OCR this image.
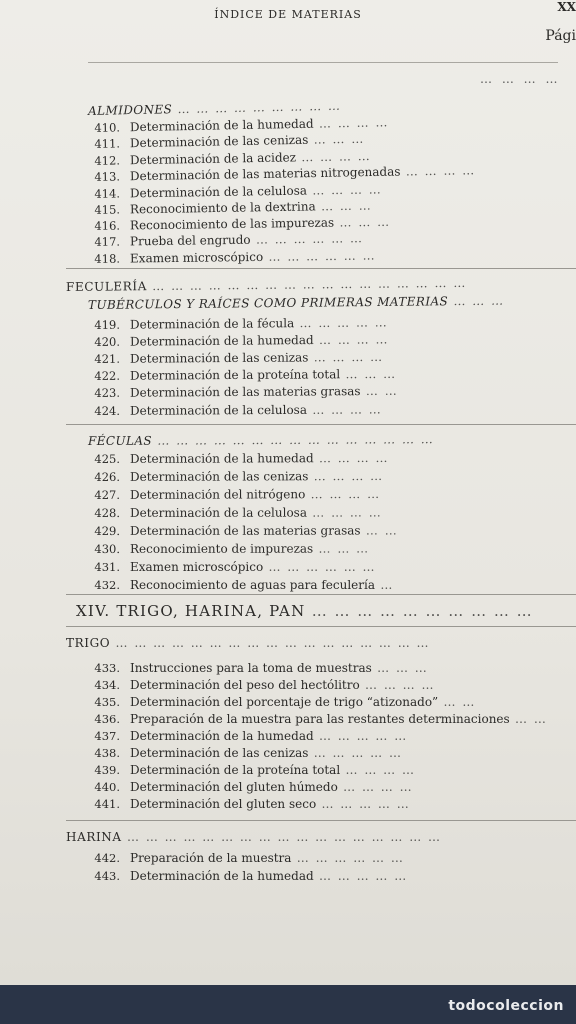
ÍNDICE DE MATERIAS
XX
Pági
… … … …
ALMIDONES … … … … … … … … …
410. Determinación de la humedad … … … …
411. Determinación de las cenizas … … …
412. Determinación de la acidez … … … …
413. Determinación de las materias nitrogenadas … … … …
414. Determinación de la celulosa … … … …
415. Reconocimiento de la dextrina … … …
416. Reconocimiento de las impurezas … … …
417. Prueba del engrudo … … … … … …
418. Examen microscópico … … … … … …
FECULERÍA … … … … … … … … … … … … … … … … …
TUBÉRCULOS Y RAÍCES COMO PRIMERAS MATERIAS … … …
419. Determinación de la fécula … … … … …
420. Determinación de la humedad … … … …
421. Determinación de las cenizas … … … …
422. Determinación de la proteína total … … …
423. Determinación de las materias grasas … …
424. Determinación de la celulosa … … … …
FÉCULAS … … … … … … … … … … … … … … …
425. Determinación de la humedad … … … …
426. Determinación de las cenizas … … … …
427. Determinación del nitrógeno … … … …
428. Determinación de la celulosa … … … …
429. Determinación de las materias grasas … …
430. Reconocimiento de impurezas … … …
431. Examen microscópico … … … … … …
432. Reconocimiento de aguas para feculería …
XIV. TRIGO, HARINA, PAN … … … … … … … … … …
TRIGO … … … … … … … … … … … … … … … … …
433. Instrucciones para la toma de muestras … … …
434. Determinación del peso del hectólitro … … … …
435. Determinación del porcentaje de trigo “atizonado” … …
436. Preparación de la muestra para las restantes determinaciones … …
437. Determinación de la humedad … … … … …
438. Determinación de las cenizas … … … … …
439. Determinación de la proteína total … … … …
440. Determinación del gluten húmedo … … … …
441. Determinación del gluten seco … … … … …
HARINA … … … … … … … … … … … … … … … … …
442. Preparación de la muestra … … … … … …
443. Determinación de la humedad … … … … …
todocoleccion
